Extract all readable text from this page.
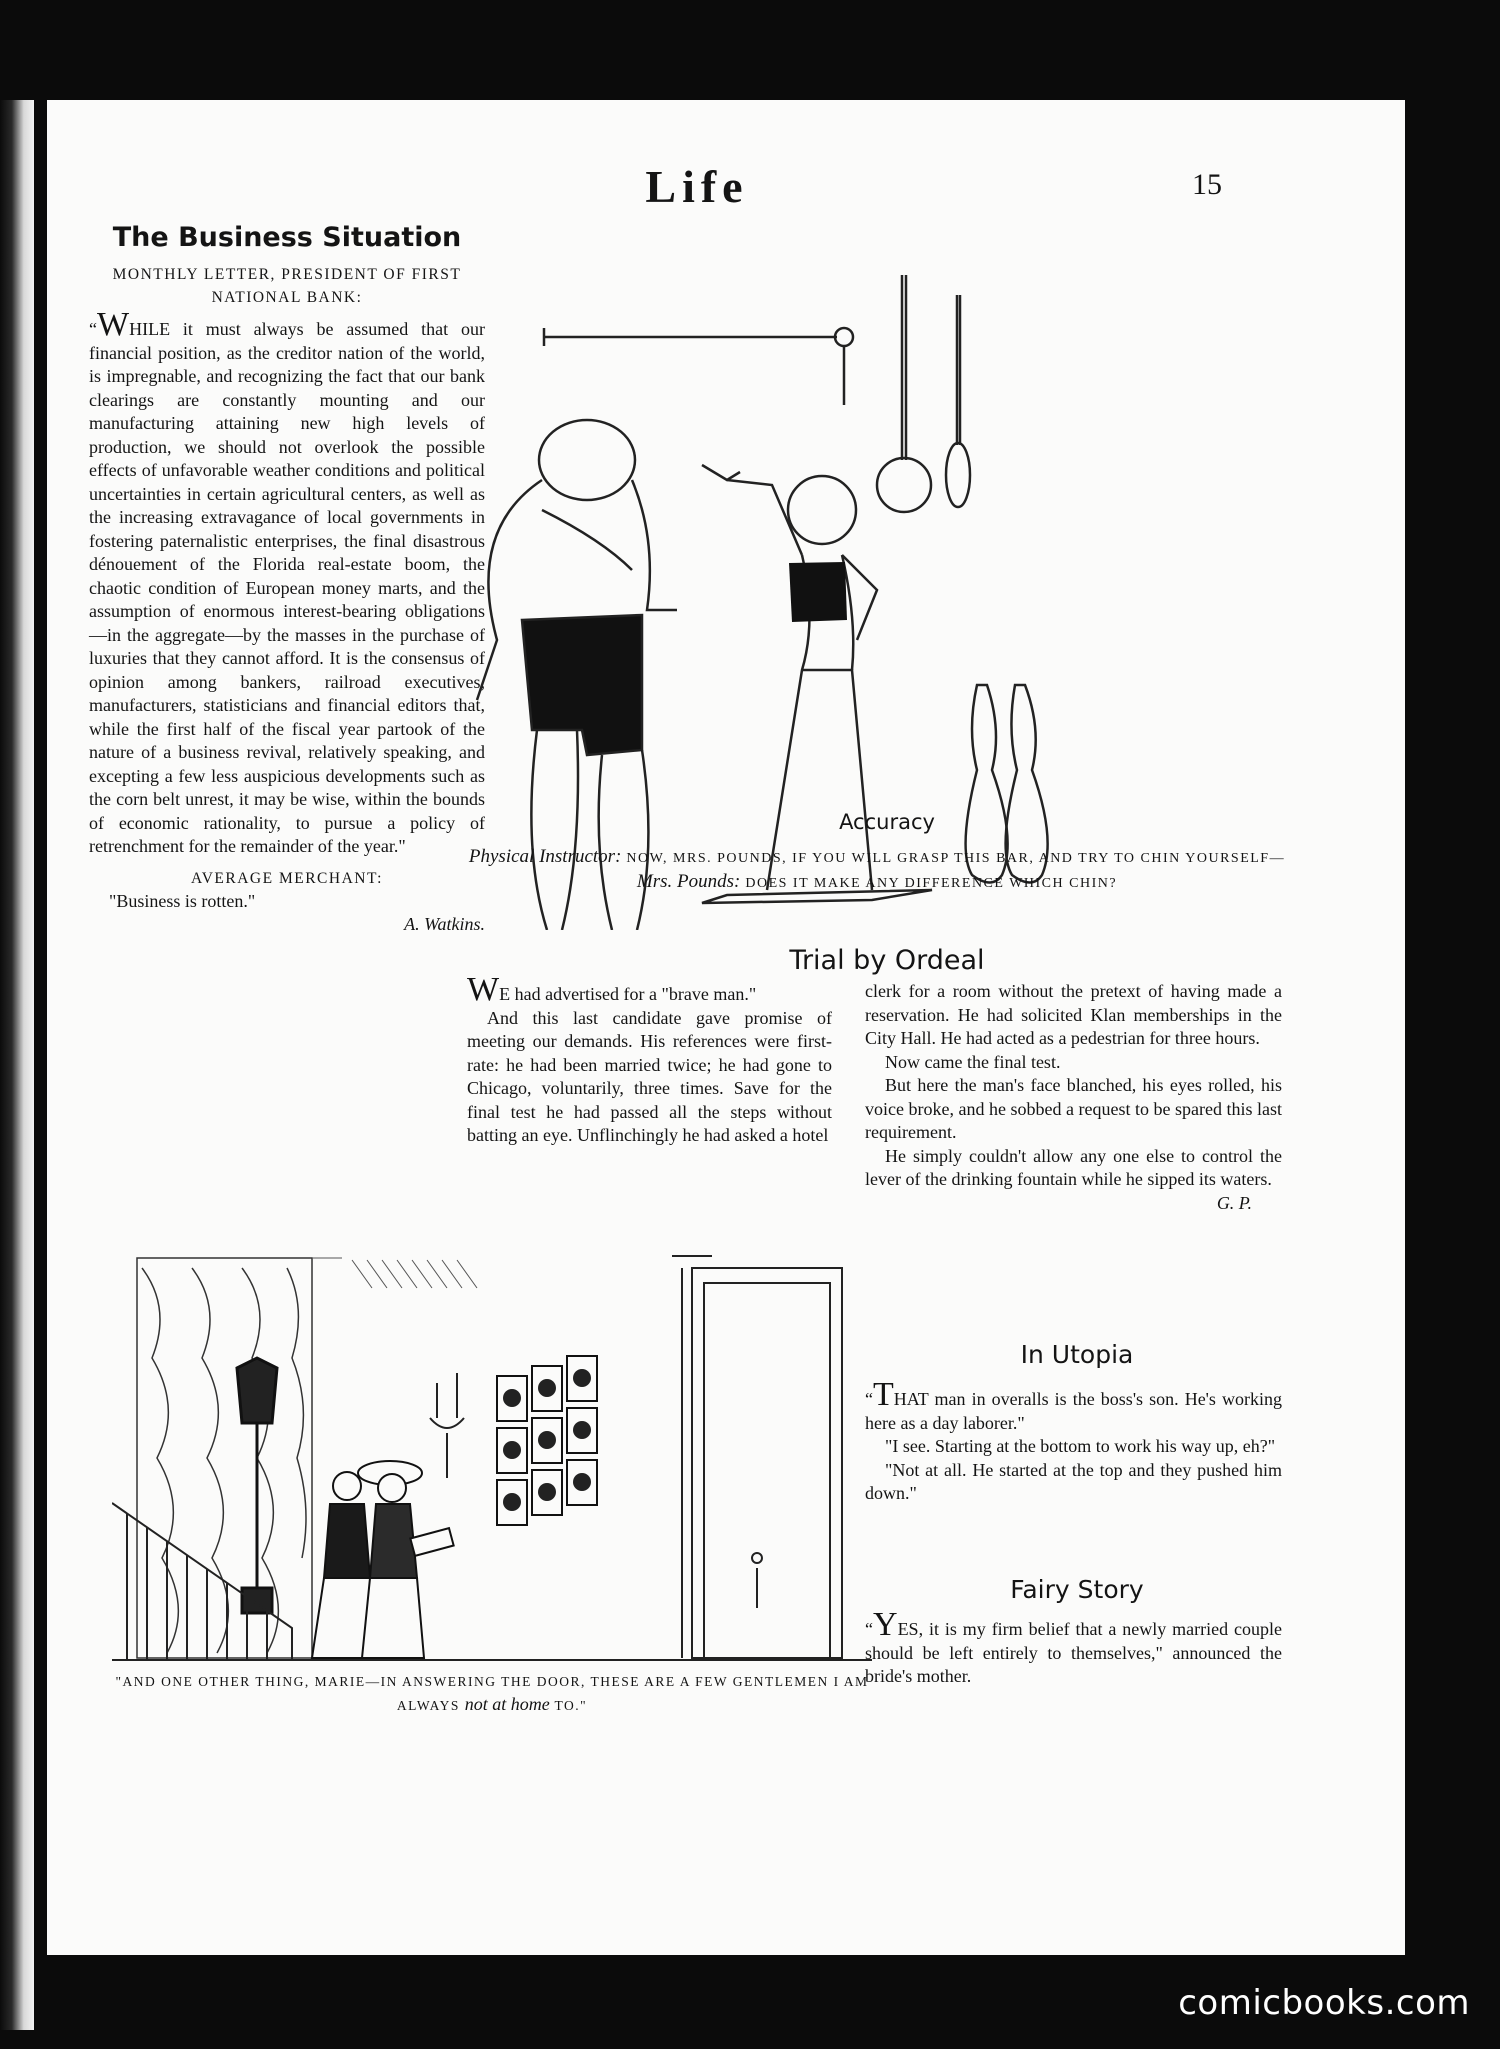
Life	15
The Business Situation
MONTHLY LETTER, PRESIDENT OF FIRST NATIONAL BANK:

“WHILE it must always be assumed that our financial position, as the creditor nation of the world, is impregnable, and recognizing the fact that our bank clearings are constantly mounting and our manufacturing attaining new high levels of production, we should not overlook the possible effects of unfavorable weather conditions and political uncertainties in certain agricultural centers, as well as the increasing extravagance of local governments in fostering paternalistic enterprises, the final disastrous dénouement of the Florida real-estate boom, the chaotic condition of European money marts, and the assumption of enormous interest-bearing obligations—in the aggregate—by the masses in the purchase of luxuries that they cannot afford. It is the consensus of opinion among bankers, railroad executives, manufacturers, statisticians and financial editors that, while the first half of the fiscal year partook of the nature of a business revival, relatively speaking, and excepting a few less auspicious developments such as the corn belt unrest, it may be wise, within the bounds of economic rationality, to pursue a policy of retrenchment for the remainder of the year."

AVERAGE MERCHANT:
"Business is rotten."
A. Watkins.
Accuracy
Physical Instructor: NOW, MRS. POUNDS, IF YOU WILL GRASP THIS BAR, AND TRY TO CHIN YOURSELF—
Mrs. Pounds: DOES IT MAKE ANY DIFFERENCE WHICH CHIN?
Trial by Ordeal

WE had advertised for a "brave man."

And this last candidate gave promise of meeting our demands. His references were first-rate: he had been married twice; he had gone to Chicago, voluntarily, three times. Save for the final test he had passed all the steps without batting an eye. Unflinchingly he had asked a hotel

clerk for a room without the pretext of having made a reservation. He had solicited Klan memberships in the City Hall. He had acted as a pedestrian for three hours.

Now came the final test.

But here the man's face blanched, his eyes rolled, his voice broke, and he sobbed a request to be spared this last requirement.

He simply couldn't allow any one else to control the lever of the drinking fountain while he sipped its waters.

G. P.
"AND ONE OTHER THING, MARIE—IN ANSWERING THE DOOR, THESE ARE A FEW GENTLEMEN I AM ALWAYS not at home TO."
In Utopia

“THAT man in overalls is the boss's son. He's working here as a day laborer."

"I see. Starting at the bottom to work his way up, eh?"

"Not at all. He started at the top and they pushed him down."

Fairy Story

“YES, it is my firm belief that a newly married couple should be left entirely to themselves," announced the bride's mother.

comicbooks.com
